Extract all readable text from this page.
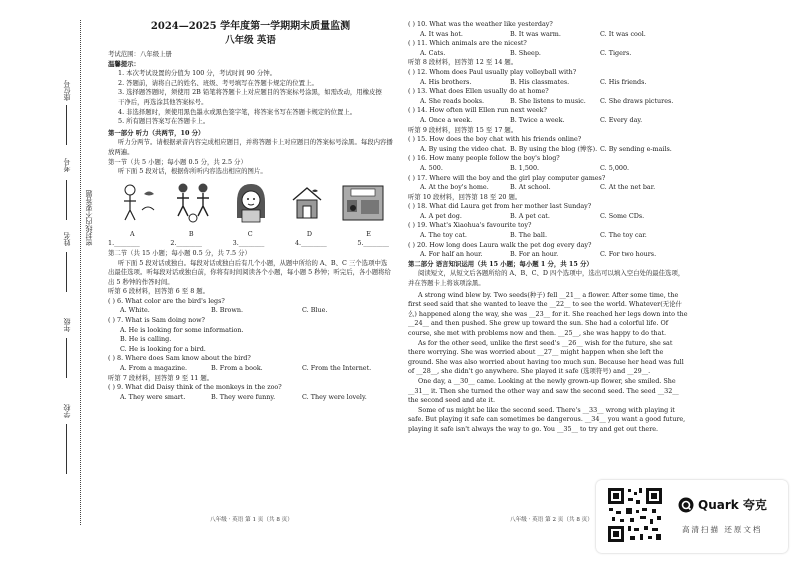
座位号
考号
姓名 密封线内不要答题
年级
学校
2024—2025 学年度第一学期期末质量监测
八年级 英语
考试范围：八年级上册
温馨提示：
1. 本次考试设置的分值为 100 分，考试时间 90 分钟。
2. 答题前，请将自己的姓名、班级、考号填写在答题卡规定的位置上。
3. 选择题答题时，须使用 2B 铅笔将答题卡上对应题目的答案标号涂黑，如需改动，用橡皮擦
干净后，再选涂其他答案标号。
4. 非选择题时，须使用黑色墨水或黑色签字笔，将答案书写在答题卡规定的位置上。
5. 所有题目答案写在答题卡上。
第一部分 听力（共两节，10 分）
听力分两节。请根据录音内容完成相应题目，并将答题卡上对应题目的答案标号涂黑。每段内容播放两遍。
第一节（共 5 小题；每小题 0.5 分，共 2.5 分）
听下面 5 段对话，根据你所听内容选出相应的图片。
A	B	C	D	E
1.________	2.________	3.________	4.________	5.________
第二节（共 15 小题；每小题 0.5 分，共 7.5 分）
听下面 5 段对话或独白。每段对话或独白后有几个小题，从题中所给的 A、B、C 三个选项中选出最佳选项。听每段对话或独白前，你将有时间阅读各个小题，每小题 5 秒钟；听完后，各小题将给出 5 秒钟的作答时间。
听第 6 段材料，回答第 6 至 8 题。
( ) 6. What color are the bird's legs?
A. White.	B. Brown.	C. Blue.
( ) 7. What is Sam doing now?
A. He is looking for some information.
B. He is calling.
C. He is looking for a bird.
( ) 8. Where does Sam know about the bird?
A. From a magazine.	B. From a book.	C. From the Internet.
听第 7 段材料，回答第 9 至 11 题。
( ) 9. What did Daisy think of the monkeys in the zoo?
A. They were smart.	B. They were funny.	C. They were lovely.
八年级 · 英语 第 1 页（共 8 页）
( ) 10. What was the weather like yesterday?
A. It was hot.	B. It was warm.	C. It was cool.
( ) 11. Which animals are the nicest?
A. Cats.	B. Sheep.	C. Tigers.
听第 8 段材料，回答第 12 至 14 题。
( ) 12. Whom does Paul usually play volleyball with?
A. His brothers.	B. His classmates.	C. His friends.
( ) 13. What does Ellen usually do at home?
A. She reads books.	B. She listens to music.	C. She draws pictures.
( ) 14. How often will Ellen run next week?
A. Once a week.	B. Twice a week.	C. Every day.
听第 9 段材料，回答第 15 至 17 题。
( ) 15. How does the boy chat with his friends online?
A. By using the video chat. B. By using the blog (博客). C. By sending e-mails.
( ) 16. How many people follow the boy's blog?
A. 500.	B. 1,500.	C. 5,000.
( ) 17. Where will the boy and the girl play computer games?
A. At the boy's home.	B. At school.	C. At the net bar.
听第 10 段材料，回答第 18 至 20 题。
( ) 18. What did Laura get from her mother last Sunday?
A. A pet dog.	B. A pet cat.	C. Some CDs.
( ) 19. What's Xiaohua's favourite toy?
A. The toy cat.	B. The ball.	C. The toy car.
( ) 20. How long does Laura walk the pet dog every day?
A. For half an hour.	B. For an hour.	C. For two hours.
第二部分 语言知识运用（共 15 小题；每小题 1 分，共 15 分）
阅读短文，从短文后各题所给的 A、B、C、D 四个选项中，选出可以填入空白处的最佳选项，并在答题卡上将该项涂黑。
A strong wind blew by. Two seeds(种子) fell __21__ a flower. After some time, the first seed said that she wanted to leave the __22__ to see the world. Whatever(无论什么) happened along the way, she was __23__ for it. She reached her legs down into the __24__ and then pushed. She grew up toward the sun. She had a colorful life. Of course, she met with problems now and then. __25__, she was happy to do that.
As for the other seed, unlike the first seed's __26__ wish for the future, she sat there worrying. She was worried about __27__ might happen when she left the ground. She was also worried about having too much sun. Because her head was full of __28__, she didn't go anywhere. She played it safe (选项符号) and __29__.
One day, a __30__ came. Looking at the newly grown-up flower, she smiled. She __31__ it. Then she turned the other way and saw the second seed. The seed __32__ the second seed and ate it.
Some of us might be like the second seed. There's __33__ wrong with playing it safe. But playing it safe can sometimes be dangerous. __34__ you want a good future, playing it safe isn't always the way to go. You __35__ to try and get out there.
八年级 · 英语 第 2 页（共 8 页）
Quark 夸克
高清扫描 还原文档
